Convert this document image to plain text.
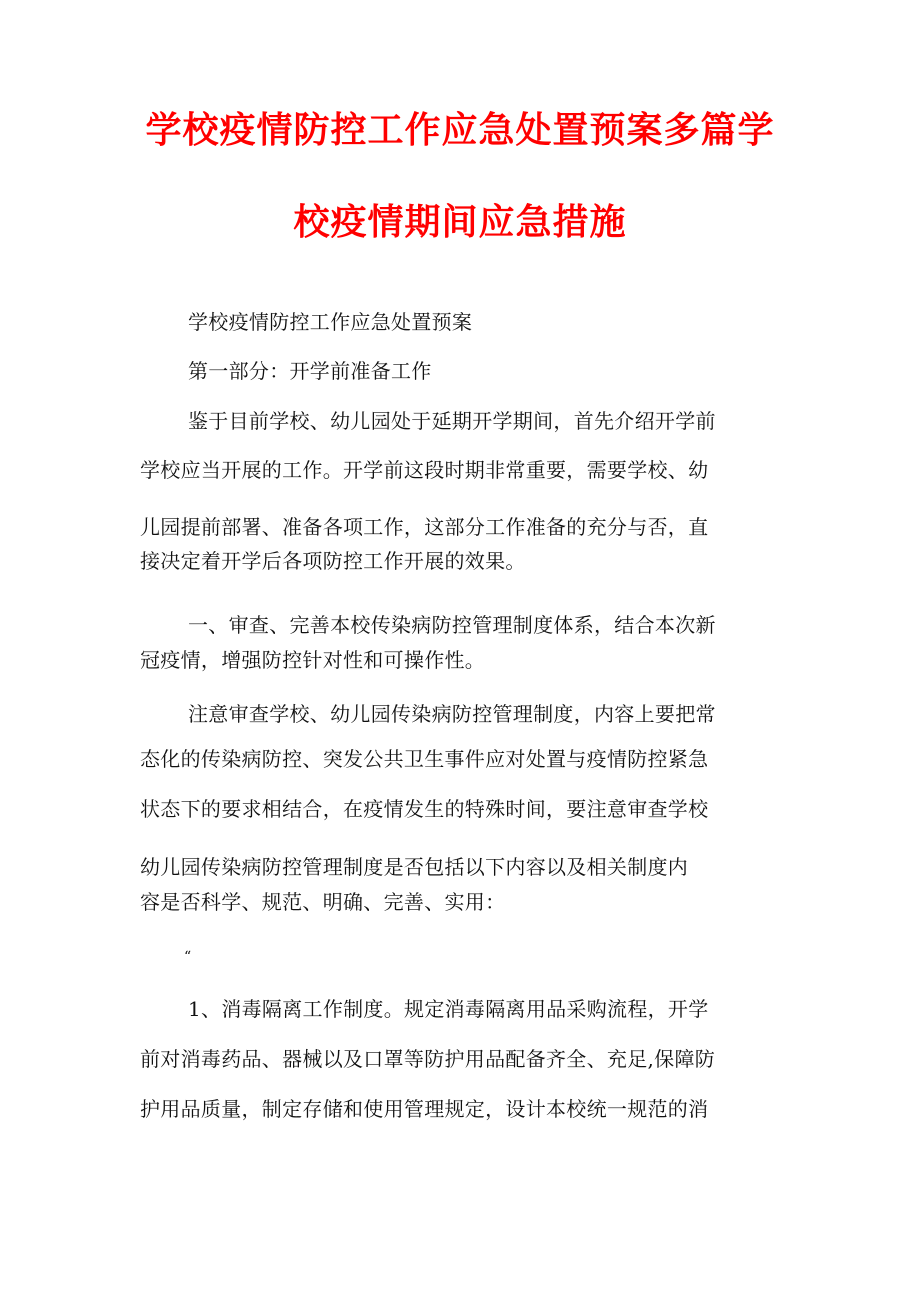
学校疫情防控工作应急处置预案多篇学
校疫情期间应急措施
学校疫情防控工作应急处置预案
第一部分：开学前准备工作
鉴于目前学校、幼儿园处于延期开学期间，首先介绍开学前
学校应当开展的工作。开学前这段时期非常重要，需要学校、幼
儿园提前部署、准备各项工作，这部分工作准备的充分与否，直
接决定着开学后各项防控工作开展的效果。
一、审查、完善本校传染病防控管理制度体系，结合本次新
冠疫情，增强防控针对性和可操作性。
注意审查学校、幼儿园传染病防控管理制度，内容上要把常
态化的传染病防控、突发公共卫生事件应对处置与疫情防控紧急
状态下的要求相结合，在疫情发生的特殊时间，要注意审查学校
幼儿园传染病防控管理制度是否包括以下内容以及相关制度内
容是否科学、规范、明确、完善、实用：
“
1、消毒隔离工作制度。规定消毒隔离用品采购流程，开学
前对消毒药品、器械以及口罩等防护用品配备齐全、充足,保障防
护用品质量，制定存储和使用管理规定，设计本校统一规范的消
